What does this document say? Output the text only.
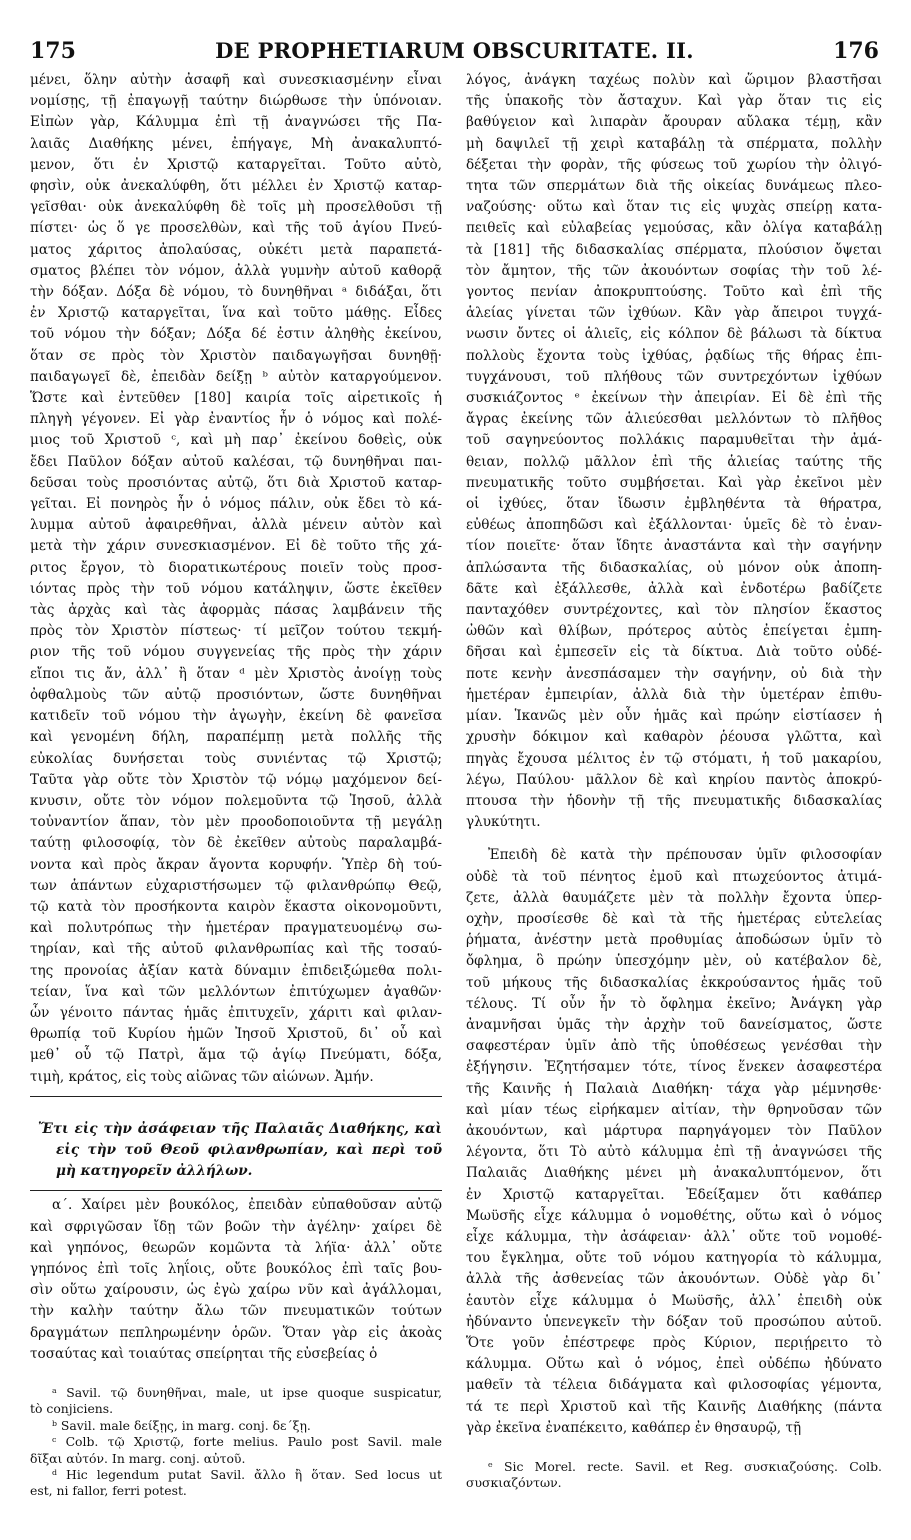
175	DE PROPHETIARUM OBSCURITATE. II.	176
μένει, ὅλην αὐτὴν ἀσαφῆ καὶ συνεσκιασμένην εἶναι
νομίσῃς, τῇ ἐπαγωγῇ ταύτην διώρθωσε τὴν ὑπόνοιαν.
Εἰπὼν γὰρ, Κάλυμμα ἐπὶ τῇ ἀναγνώσει τῆς Πα-
λαιᾶς Διαθήκης μένει, ἐπήγαγε, Μὴ ἀνακαλυπτό-
μενον, ὅτι ἐν Χριστῷ καταργεῖται. Τοῦτο αὐτὸ,
φησὶν, οὐκ ἀνεκαλύφθη, ὅτι μέλλει ἐν Χριστῷ καταρ-
γεῖσθαι· οὐκ ἀνεκαλύφθη δὲ τοῖς μὴ προσελθοῦσι τῇ
πίστει· ὡς ὅ γε προσελθὼν, καὶ τῆς τοῦ ἁγίου Πνεύ-
ματος χάριτος ἀπολαύσας, οὐκέτι μετὰ παραπετά-
σματος βλέπει τὸν νόμον, ἀλλὰ γυμνὴν αὐτοῦ καθορᾷ
τὴν δόξαν. Δόξα δὲ νόμου, τὸ δυνηθῆναι ᵃ διδάξαι, ὅτι
ἐν Χριστῷ καταργεῖται, ἵνα καὶ τοῦτο μάθῃς. Εἶδες
τοῦ νόμου τὴν δόξαν; Δόξα δέ ἐστιν ἀληθὴς ἐκείνου,
ὅταν σε πρὸς τὸν Χριστὸν παιδαγωγῆσαι δυνηθῇ·
παιδαγωγεῖ δὲ, ἐπειδὰν δείξῃ ᵇ αὐτὸν καταργούμενον.
Ὥστε καὶ ἐντεῦθεν [180] καιρία τοῖς αἱρετικοῖς ἡ
πληγὴ γέγονεν. Εἰ γὰρ ἐναντίος ἦν ὁ νόμος καὶ πολέ-
μιος τοῦ Χριστοῦ ᶜ, καὶ μὴ παρ᾽ ἐκείνου δοθεὶς, οὐκ
ἔδει Παῦλον δόξαν αὐτοῦ καλέσαι, τῷ δυνηθῆναι παι-
δεῦσαι τοὺς προσιόντας αὐτῷ, ὅτι διὰ Χριστοῦ καταρ-
γεῖται. Εἰ πονηρὸς ἦν ὁ νόμος πάλιν, οὐκ ἔδει τὸ κά-
λυμμα αὐτοῦ ἀφαιρεθῆναι, ἀλλὰ μένειν αὐτὸν καὶ
μετὰ τὴν χάριν συνεσκιασμένον. Εἰ δὲ τοῦτο τῆς χά-
ριτος ἔργον, τὸ διορατικωτέρους ποιεῖν τοὺς προσ-
ιόντας πρὸς τὴν τοῦ νόμου κατάληψιν, ὥστε ἐκεῖθεν
τὰς ἀρχὰς καὶ τὰς ἀφορμὰς πάσας λαμβάνειν τῆς
πρὸς τὸν Χριστὸν πίστεως· τί μεῖζον τούτου τεκμή-
ριον τῆς τοῦ νόμου συγγενείας τῆς πρὸς τὴν χάριν
εἴποι τις ἄν, ἀλλ᾽ ἢ ὅταν ᵈ μὲν Χριστὸς ἀνοίγῃ τοὺς
ὀφθαλμοὺς τῶν αὐτῷ προσιόντων, ὥστε δυνηθῆναι
κατιδεῖν τοῦ νόμου τὴν ἀγωγὴν, ἐκείνη δὲ φανεῖσα
καὶ γενομένη δήλη, παραπέμπῃ μετὰ πολλῆς τῆς
εὐκολίας δυνήσεται τοὺς συνιέντας τῷ Χριστῷ;
Ταῦτα γὰρ οὔτε τὸν Χριστὸν τῷ νόμῳ μαχόμενον δεί-
κνυσιν, οὔτε τὸν νόμον πολεμοῦντα τῷ Ἰησοῦ, ἀλλὰ
τοὐναντίον ἅπαν, τὸν μὲν προοδοποιοῦντα τῇ μεγάλῃ
ταύτῃ φιλοσοφίᾳ, τὸν δὲ ἐκεῖθεν αὐτοὺς παραλαμβά-
νοντα καὶ πρὸς ἄκραν ἄγοντα κορυφήν. Ὑπὲρ δὴ τού-
των ἁπάντων εὐχαριστήσωμεν τῷ φιλανθρώπῳ Θεῷ,
τῷ κατὰ τὸν προσήκοντα καιρὸν ἕκαστα οἰκονομοῦντι,
καὶ πολυτρόπως τὴν ἡμετέραν πραγματευομένῳ σω-
τηρίαν, καὶ τῆς αὐτοῦ φιλανθρωπίας καὶ τῆς τοσαύ-
της προνοίας ἀξίαν κατὰ δύναμιν ἐπιδειξώμεθα πολι-
τείαν, ἵνα καὶ τῶν μελλόντων ἐπιτύχωμεν ἀγαθῶν·
ὧν γένοιτο πάντας ἡμᾶς ἐπιτυχεῖν, χάριτι καὶ φιλαν-
θρωπίᾳ τοῦ Κυρίου ἡμῶν Ἰησοῦ Χριστοῦ, δι᾽ οὗ καὶ
μεθ᾽ οὗ τῷ Πατρὶ, ἅμα τῷ ἁγίῳ Πνεύματι, δόξα,
τιμὴ, κράτος, εἰς τοὺς αἰῶνας τῶν αἰώνων. Ἀμήν.
Ἔτι εἰς τὴν ἀσάφειαν τῆς Παλαιᾶς Διαθήκης, καὶ
εἰς τὴν τοῦ Θεοῦ φιλανθρωπίαν, καὶ περὶ τοῦ
μὴ κατηγορεῖν ἀλλήλων.
α΄. Χαίρει μὲν βουκόλος, ἐπειδὰν εὐπαθοῦσαν αὐτῷ
καὶ σφριγῶσαν ἴδῃ τῶν βοῶν τὴν ἀγέλην· χαίρει δὲ
καὶ γηπόνος, θεωρῶν κομῶντα τὰ λήϊα· ἀλλ᾽ οὔτε
γηπόνος ἐπὶ τοῖς ληΐοις, οὔτε βουκόλος ἐπὶ ταῖς βου-
σὶν οὕτω χαίρουσιν, ὡς ἐγὼ χαίρω νῦν καὶ ἀγάλλομαι,
τὴν καλὴν ταύτην ἄλω τῶν πνευματικῶν τούτων
δραγμάτων πεπληρωμένην ὁρῶν. Ὅταν γὰρ εἰς ἀκοὰς
τοσαύτας καὶ τοιαύτας σπείρηται τῆς εὐσεβείας ὁ
ᵃ Savil. τῷ δυνηθῆναι, male, ut ipse quoque suspicatur,
tò conjiciens.
ᵇ Savil. male δείξῃς, in marg. conj. δε΄ξῃ.
ᶜ Colb. τῷ Χριστῷ, forte melius. Paulo post Savil. male
δῖξαι αὐτόν. In marg. conj. αὐτοῦ.
ᵈ Hic legendum putat Savil. ἄλλο ἢ ὅταν. Sed locus ut
est, ni fallor, ferri potest.
λόγος, ἀνάγκη ταχέως πολὺν καὶ ὥριμον βλαστῆσαι
τῆς ὑπακοῆς τὸν ἄσταχυν. Καὶ γὰρ ὅταν τις εἰς
βαθύγειον καὶ λιπαρὰν ἄρουραν αὔλακα τέμῃ, κἂν
μὴ δαψιλεῖ τῇ χειρὶ καταβάλῃ τὰ σπέρματα, πολλὴν
δέξεται τὴν φορὰν, τῆς φύσεως τοῦ χωρίου τὴν ὀλιγό-
τητα τῶν σπερμάτων διὰ τῆς οἰκείας δυνάμεως πλεο-
ναζούσης· οὕτω καὶ ὅταν τις εἰς ψυχὰς σπείρῃ κατα-
πειθεῖς καὶ εὐλαβείας γεμούσας, κἂν ὀλίγα καταβάλῃ
τὰ [181] τῆς διδασκαλίας σπέρματα, πλούσιον ὄψεται
τὸν ἄμητον, τῆς τῶν ἀκουόντων σοφίας τὴν τοῦ λέ-
γοντος πενίαν ἀποκρυπτούσης. Τοῦτο καὶ ἐπὶ τῆς
ἁλείας γίνεται τῶν ἰχθύων. Κἂν γὰρ ἄπειροι τυγχά-
νωσιν ὄντες οἱ ἁλιεῖς, εἰς κόλπον δὲ βάλωσι τὰ δίκτυα
πολλοὺς ἔχοντα τοὺς ἰχθύας, ῥᾳδίως τῆς θήρας ἐπι-
τυγχάνουσι, τοῦ πλήθους τῶν συντρεχόντων ἰχθύων
συσκιάζοντος ᵉ ἐκείνων τὴν ἀπειρίαν. Εἰ δὲ ἐπὶ τῆς
ἄγρας ἐκείνης τῶν ἁλιεύεσθαι μελλόντων τὸ πλῆθος
τοῦ σαγηνεύοντος πολλάκις παραμυθεῖται τὴν ἀμά-
θειαν, πολλῷ μᾶλλον ἐπὶ τῆς ἁλιείας ταύτης τῆς
πνευματικῆς τοῦτο συμβήσεται. Καὶ γὰρ ἐκεῖνοι μὲν
οἱ ἰχθύες, ὅταν ἴδωσιν ἐμβληθέντα τὰ θήρατρα,
εὐθέως ἀποπηδῶσι καὶ ἐξάλλονται· ὑμεῖς δὲ τὸ ἐναν-
τίον ποιεῖτε· ὅταν ἴδητε ἀναστάντα καὶ τὴν σαγήνην
ἁπλώσαντα τῆς διδασκαλίας, οὐ μόνον οὐκ ἀποπη-
δᾶτε καὶ ἐξάλλεσθε, ἀλλὰ καὶ ἐνδοτέρω βαδίζετε
πανταχόθεν συντρέχοντες, καὶ τὸν πλησίον ἕκαστος
ὠθῶν καὶ θλίβων, πρότερος αὐτὸς ἐπείγεται ἐμπη-
δῆσαι καὶ ἐμπεσεῖν εἰς τὰ δίκτυα. Διὰ τοῦτο οὐδέ-
ποτε κενὴν ἀνεσπάσαμεν τὴν σαγήνην, οὐ διὰ τὴν
ἡμετέραν ἐμπειρίαν, ἀλλὰ διὰ τὴν ὑμετέραν ἐπιθυ-
μίαν. Ἱκανῶς μὲν οὖν ἡμᾶς καὶ πρώην εἱστίασεν ἡ
χρυσὴν δόκιμον καὶ καθαρὸν ῥέουσα γλῶττα, καὶ
πηγὰς ἔχουσα μέλιτος ἐν τῷ στόματι, ἡ τοῦ μακαρίου,
λέγω, Παύλου· μᾶλλον δὲ καὶ κηρίου παντὸς ἀποκρύ-
πτουσα τὴν ἡδονὴν τῇ τῆς πνευματικῆς διδασκαλίας
γλυκύτητι.
Ἐπειδὴ δὲ κατὰ τὴν πρέπουσαν ὑμῖν φιλοσοφίαν
οὐδὲ τὰ τοῦ πένητος ἐμοῦ καὶ πτωχεύοντος ἀτιμά-
ζετε, ἀλλὰ θαυμάζετε μὲν τὰ πολλὴν ἔχοντα ὑπερ-
οχὴν, προσίεσθε δὲ καὶ τὰ τῆς ἡμετέρας εὐτελείας
ῥήματα, ἀνέστην μετὰ προθυμίας ἀποδώσων ὑμῖν τὸ
ὄφλημα, ὃ πρώην ὑπεσχόμην μὲν, οὐ κατέβαλον δὲ,
τοῦ μήκους τῆς διδασκαλίας ἐκκρούσαντος ἡμᾶς τοῦ
τέλους. Τί οὖν ἦν τὸ ὄφλημα ἐκεῖνο; Ἀνάγκη γὰρ
ἀναμνῆσαι ὑμᾶς τὴν ἀρχὴν τοῦ δανείσματος, ὥστε
σαφεστέραν ὑμῖν ἀπὸ τῆς ὑποθέσεως γενέσθαι τὴν
ἐξήγησιν. Ἐζητήσαμεν τότε, τίνος ἕνεκεν ἀσαφεστέρα
τῆς Καινῆς ἡ Παλαιὰ Διαθήκη· τάχα γὰρ μέμνησθε·
καὶ μίαν τέως εἰρήκαμεν αἰτίαν, τὴν θρηνοῦσαν τῶν
ἀκουόντων, καὶ μάρτυρα παρηγάγομεν τὸν Παῦλον
λέγοντα, ὅτι Τὸ αὐτὸ κάλυμμα ἐπὶ τῇ ἀναγνώσει τῆς
Παλαιᾶς Διαθήκης μένει μὴ ἀνακαλυπτόμενον, ὅτι
ἐν Χριστῷ καταργεῖται. Ἐδείξαμεν ὅτι καθάπερ
Μωϋσῆς εἶχε κάλυμμα ὁ νομοθέτης, οὕτω καὶ ὁ νόμος
εἶχε κάλυμμα, τὴν ἀσάφειαν· ἀλλ᾽ οὔτε τοῦ νομοθέ-
του ἔγκλημα, οὔτε τοῦ νόμου κατηγορία τὸ κάλυμμα,
ἀλλὰ τῆς ἀσθενείας τῶν ἀκουόντων. Οὐδὲ γὰρ δι᾽
ἑαυτὸν εἶχε κάλυμμα ὁ Μωϋσῆς, ἀλλ᾽ ἐπειδὴ οὐκ
ἠδύναντο ὑπενεγκεῖν τὴν δόξαν τοῦ προσώπου αὐτοῦ.
Ὅτε γοῦν ἐπέστρεφε πρὸς Κύριον, περιῄρειτο τὸ
κάλυμμα. Οὕτω καὶ ὁ νόμος, ἐπεὶ οὐδέπω ἠδύνατο
μαθεῖν τὰ τέλεια διδάγματα καὶ φιλοσοφίας γέμοντα,
τά τε περὶ Χριστοῦ καὶ τῆς Καινῆς Διαθήκης (πάντα
γὰρ ἐκεῖνα ἐναπέκειτο, καθάπερ ἐν θησαυρῷ, τῇ
ᵉ Sic Morel. recte. Savil. et Reg. συσκιαζούσης. Colb.
συσκιαζόντων.
